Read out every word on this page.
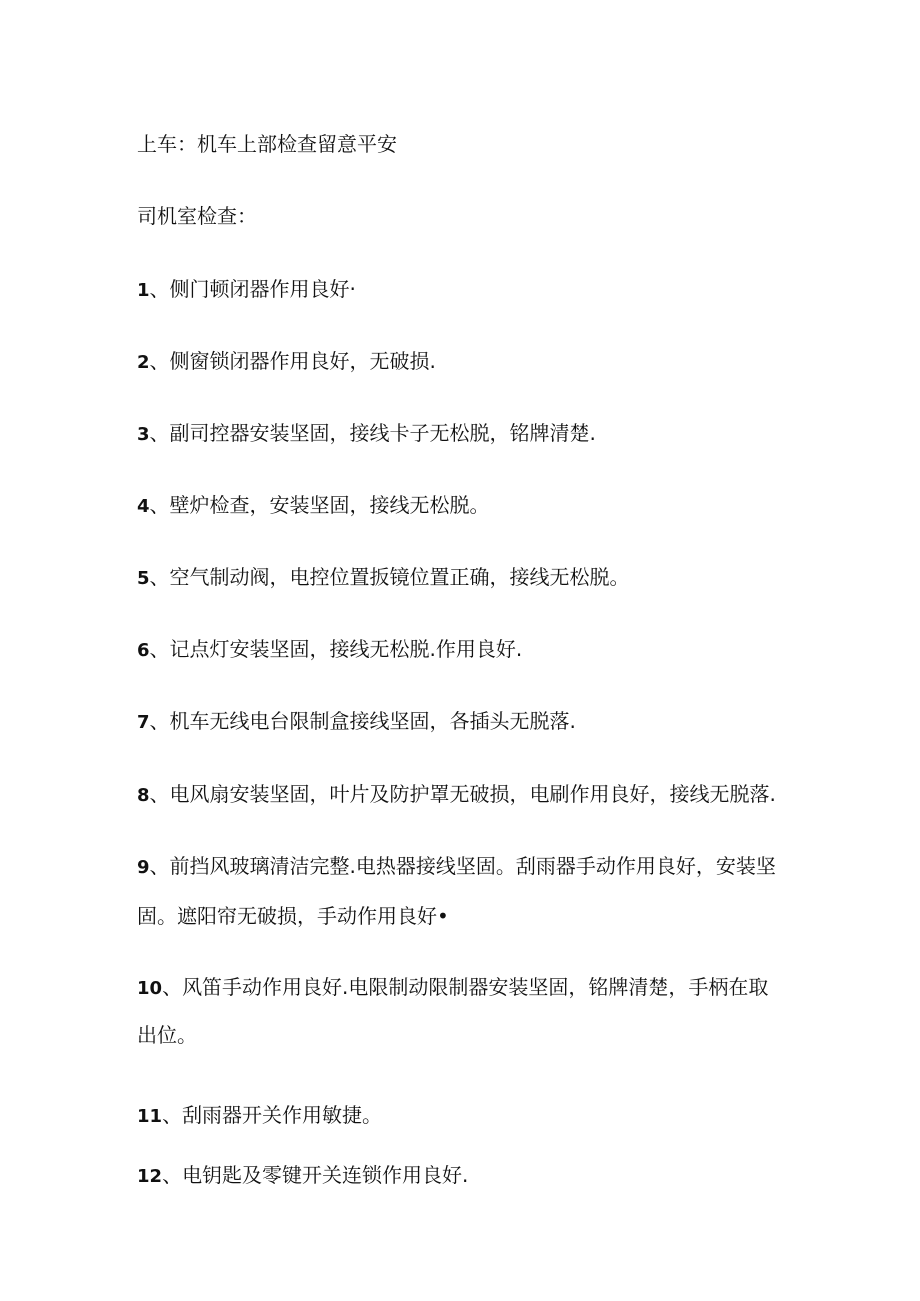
上车：机车上部检查留意平安
司机室检查：
1、侧门顿闭器作用良好·
2、侧窗锁闭器作用良好，无破损.
3、副司控器安装坚固，接线卡子无松脱，铭牌清楚.
4、壁炉检查，安装坚固，接线无松脱。
5、空气制动阀，电控位置扳镜位置正确，接线无松脱。
6、记点灯安装坚固，接线无松脱.作用良好.
7、机车无线电台限制盒接线坚固，各插头无脱落.
8、电风扇安装坚固，叶片及防护罩无破损，电刷作用良好，接线无脱落.
9、前挡风玻璃清洁完整.电热器接线坚固。刮雨器手动作用良好，安装坚
固。遮阳帘无破损，手动作用良好•
10、风笛手动作用良好.电限制动限制器安装坚固，铭牌清楚，手柄在取
出位。
11、刮雨器开关作用敏捷。
12、电钥匙及零键开关连锁作用良好.
